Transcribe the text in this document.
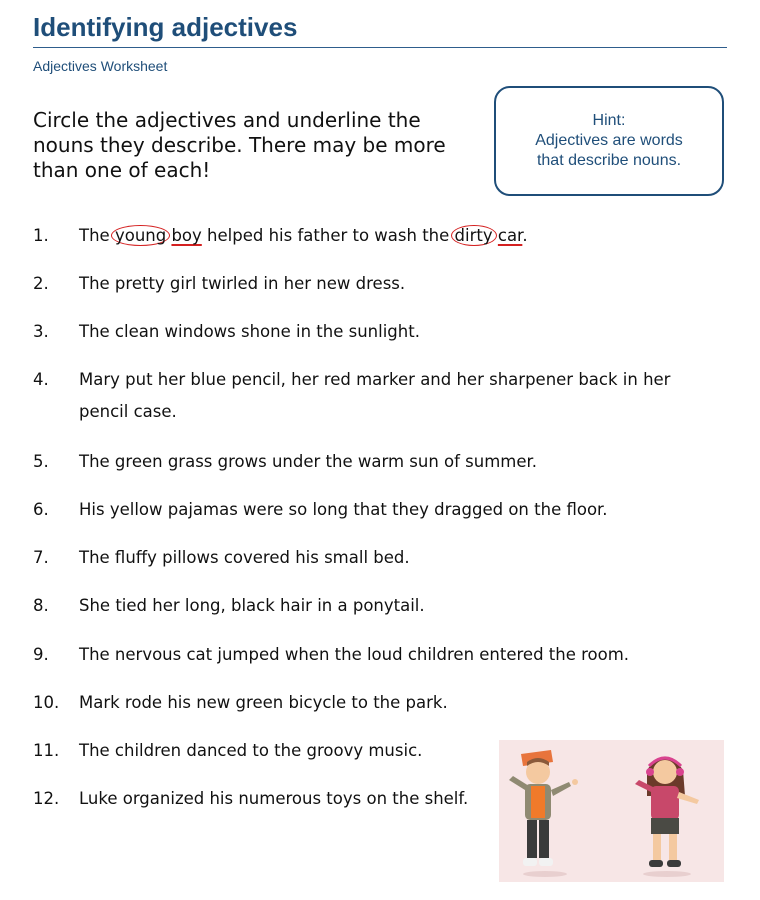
Identifying adjectives
Adjectives Worksheet
Circle the adjectives and underline the nouns they describe. There may be more than one of each!
Hint:
Adjectives are words
that describe nouns.
1. The young boy helped his father to wash the dirty car.
2. The pretty girl twirled in her new dress.
3. The clean windows shone in the sunlight.
4. Mary put her blue pencil, her red marker and her sharpener back in her pencil case.
5. The green grass grows under the warm sun of summer.
6. His yellow pajamas were so long that they dragged on the floor.
7. The fluffy pillows covered his small bed.
8. She tied her long, black hair in a ponytail.
9. The nervous cat jumped when the loud children entered the room.
10. Mark rode his new green bicycle to the park.
11. The children danced to the groovy music.
12. Luke organized his numerous toys on the shelf.
